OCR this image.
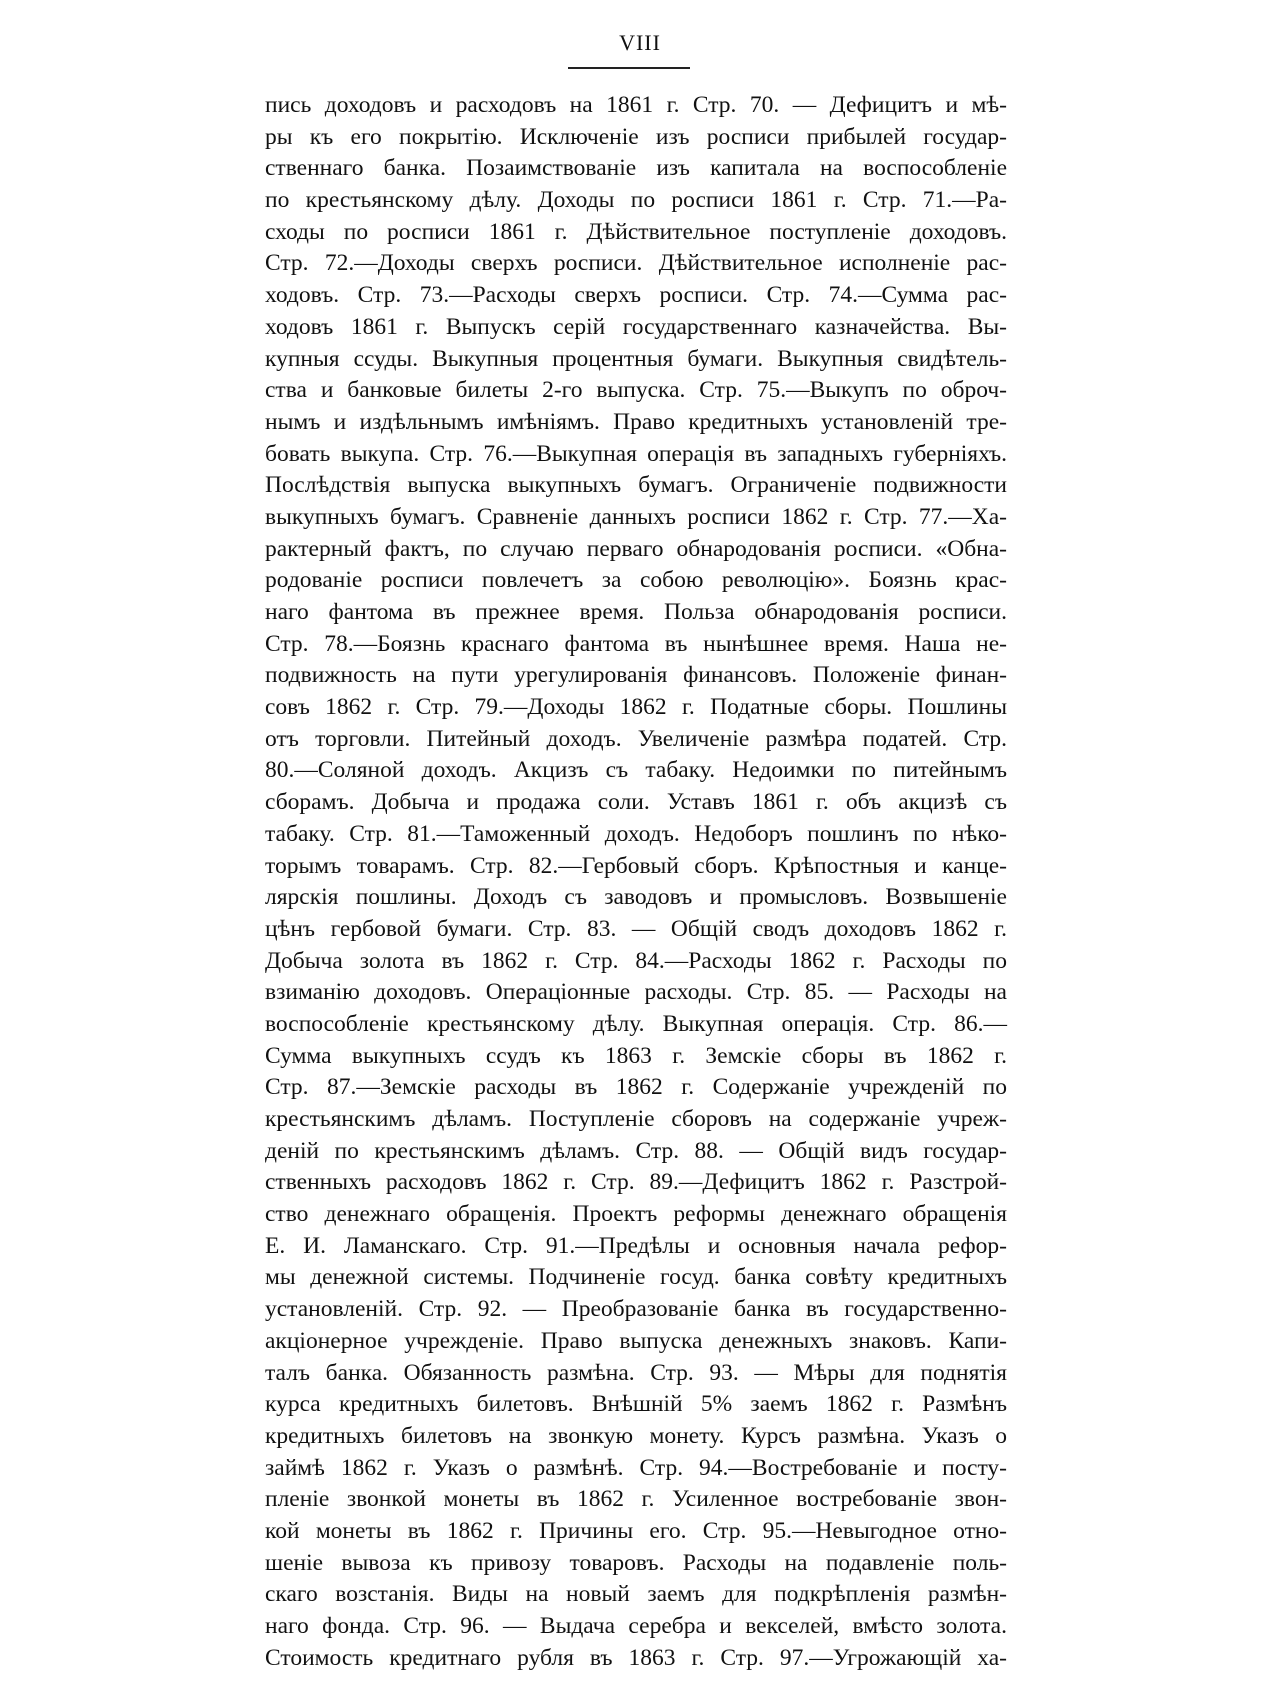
VIII
пись доходовъ и расходовъ на 1861 г. Стр. 70. — Дефицитъ и мѣ-
ры къ его покрытію. Исключеніе изъ росписи прибылей государ-
ственнаго банка. Позаимствованіе изъ капитала на воспособленіе
по крестьянскому дѣлу. Доходы по росписи 1861 г. Стр. 71.—Ра-
сходы по росписи 1861 г. Дѣйствительное поступленіе доходовъ.
Стр. 72.—Доходы сверхъ росписи. Дѣйствительное исполненіе рас-
ходовъ. Стр. 73.—Расходы сверхъ росписи. Стр. 74.—Сумма рас-
ходовъ 1861 г. Выпускъ серій государственнаго казначейства. Вы-
купныя ссуды. Выкупныя процентныя бумаги. Выкупныя свидѣтель-
ства и банковые билеты 2-го выпуска. Стр. 75.—Выкупъ по оброч-
нымъ и издѣльнымъ имѣніямъ. Право кредитныхъ установленій тре-
бовать выкупа. Стр. 76.—Выкупная операція въ западныхъ губерніяхъ.
Послѣдствія выпуска выкупныхъ бумагъ. Ограниченіе подвижности
выкупныхъ бумагъ. Сравненіе данныхъ росписи 1862 г. Стр. 77.—Ха-
рактерный фактъ, по случаю перваго обнародованія росписи. «Обна-
родованіе росписи повлечетъ за собою революцію». Боязнь крас-
наго фантома въ прежнее время. Польза обнародованія росписи.
Стр. 78.—Боязнь краснаго фантома въ нынѣшнее время. Наша не-
подвижность на пути урегулированія финансовъ. Положеніе финан-
совъ 1862 г. Стр. 79.—Доходы 1862 г. Податные сборы. Пошлины
отъ торговли. Питейный доходъ. Увеличеніе размѣра податей. Стр.
80.—Соляной доходъ. Акцизъ съ табаку. Недоимки по питейнымъ
сборамъ. Добыча и продажа соли. Уставъ 1861 г. объ акцизѣ съ
табаку. Стр. 81.—Таможенный доходъ. Недоборъ пошлинъ по нѣко-
торымъ товарамъ. Стр. 82.—Гербовый сборъ. Крѣпостныя и канце-
лярскія пошлины. Доходъ съ заводовъ и промысловъ. Возвышеніе
цѣнъ гербовой бумаги. Стр. 83. — Общій сводъ доходовъ 1862 г.
Добыча золота въ 1862 г. Стр. 84.—Расходы 1862 г. Расходы по
взиманію доходовъ. Операціонные расходы. Стр. 85. — Расходы на
воспособленіе крестьянскому дѣлу. Выкупная операція. Стр. 86.—
Сумма выкупныхъ ссудъ къ 1863 г. Земскіе сборы въ 1862 г.
Стр. 87.—Земскіе расходы въ 1862 г. Содержаніе учрежденій по
крестьянскимъ дѣламъ. Поступленіе сборовъ на содержаніе учреж-
деній по крестьянскимъ дѣламъ. Стр. 88. — Общій видъ государ-
ственныхъ расходовъ 1862 г. Стр. 89.—Дефицитъ 1862 г. Разстрой-
ство денежнаго обращенія. Проектъ реформы денежнаго обращенія
Е. И. Ламанскаго. Стр. 91.—Предѣлы и основныя начала рефор-
мы денежной системы. Подчиненіе госуд. банка совѣту кредитныхъ
установленій. Стр. 92. — Преобразованіе банка въ государственно-
акціонерное учрежденіе. Право выпуска денежныхъ знаковъ. Капи-
талъ банка. Обязанность размѣна. Стр. 93. — Мѣры для поднятія
курса кредитныхъ билетовъ. Внѣшній 5% заемъ 1862 г. Размѣнъ
кредитныхъ билетовъ на звонкую монету. Курсъ размѣна. Указъ о
займѣ 1862 г. Указъ о размѣнѣ. Стр. 94.—Востребованіе и посту-
пленіе звонкой монеты въ 1862 г. Усиленное востребованіе звон-
кой монеты въ 1862 г. Причины его. Стр. 95.—Невыгодное отно-
шеніе вывоза къ привозу товаровъ. Расходы на подавленіе поль-
скаго возстанія. Виды на новый заемъ для подкрѣпленія размѣн-
наго фонда. Стр. 96. — Выдача серебра и векселей, вмѣсто золота.
Стоимость кредитнаго рубля въ 1863 г. Стр. 97.—Угрожающій ха-
